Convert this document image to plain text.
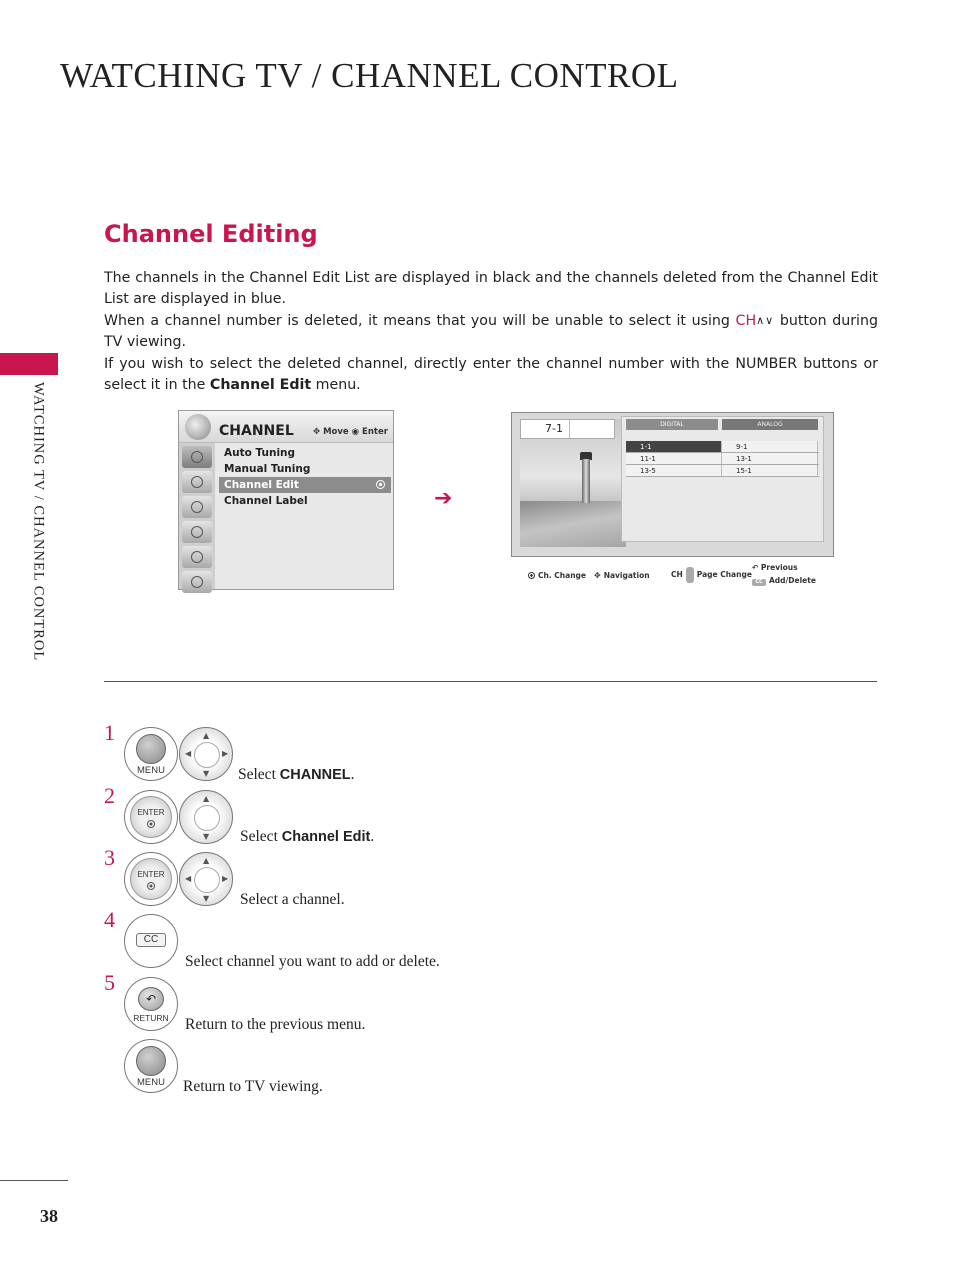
WATCHING TV / CHANNEL CONTROL
WATCHING TV / CHANNEL CONTROL
Channel Editing

The channels in the Channel Edit List are displayed in black and the channels deleted from the Channel Edit List are displayed in blue.

When a channel number is deleted, it means that you will be unable to select it using CH∧∨ button during TV viewing.

If you wish to select the deleted channel, directly enter the channel number with the NUMBER buttons or select it in the Channel Edit menu.

CHANNEL ✥ Move ◉ Enter
Auto Tuning
Manual Tuning
Channel Edit
Channel Label	➔
7-1	DIGITAL	ANALOG
1-1	9-1
11-1	13-1
13-5	15-1
Ch. Change ✥ Navigation	CH Page Change
↶ Previous
CC Add/Delete
1
MENU
▲
▼
◀	▶
Select CHANNEL.
2
ENTER
▲
▼ Select Channel Edit.
3
ENTER
▲
▼
◀	▶
Select a channel.
4
CC
Select channel you want to add or delete.
5
↶
RETURN	Return to the previous menu.
MENU	Return to TV viewing.
38
